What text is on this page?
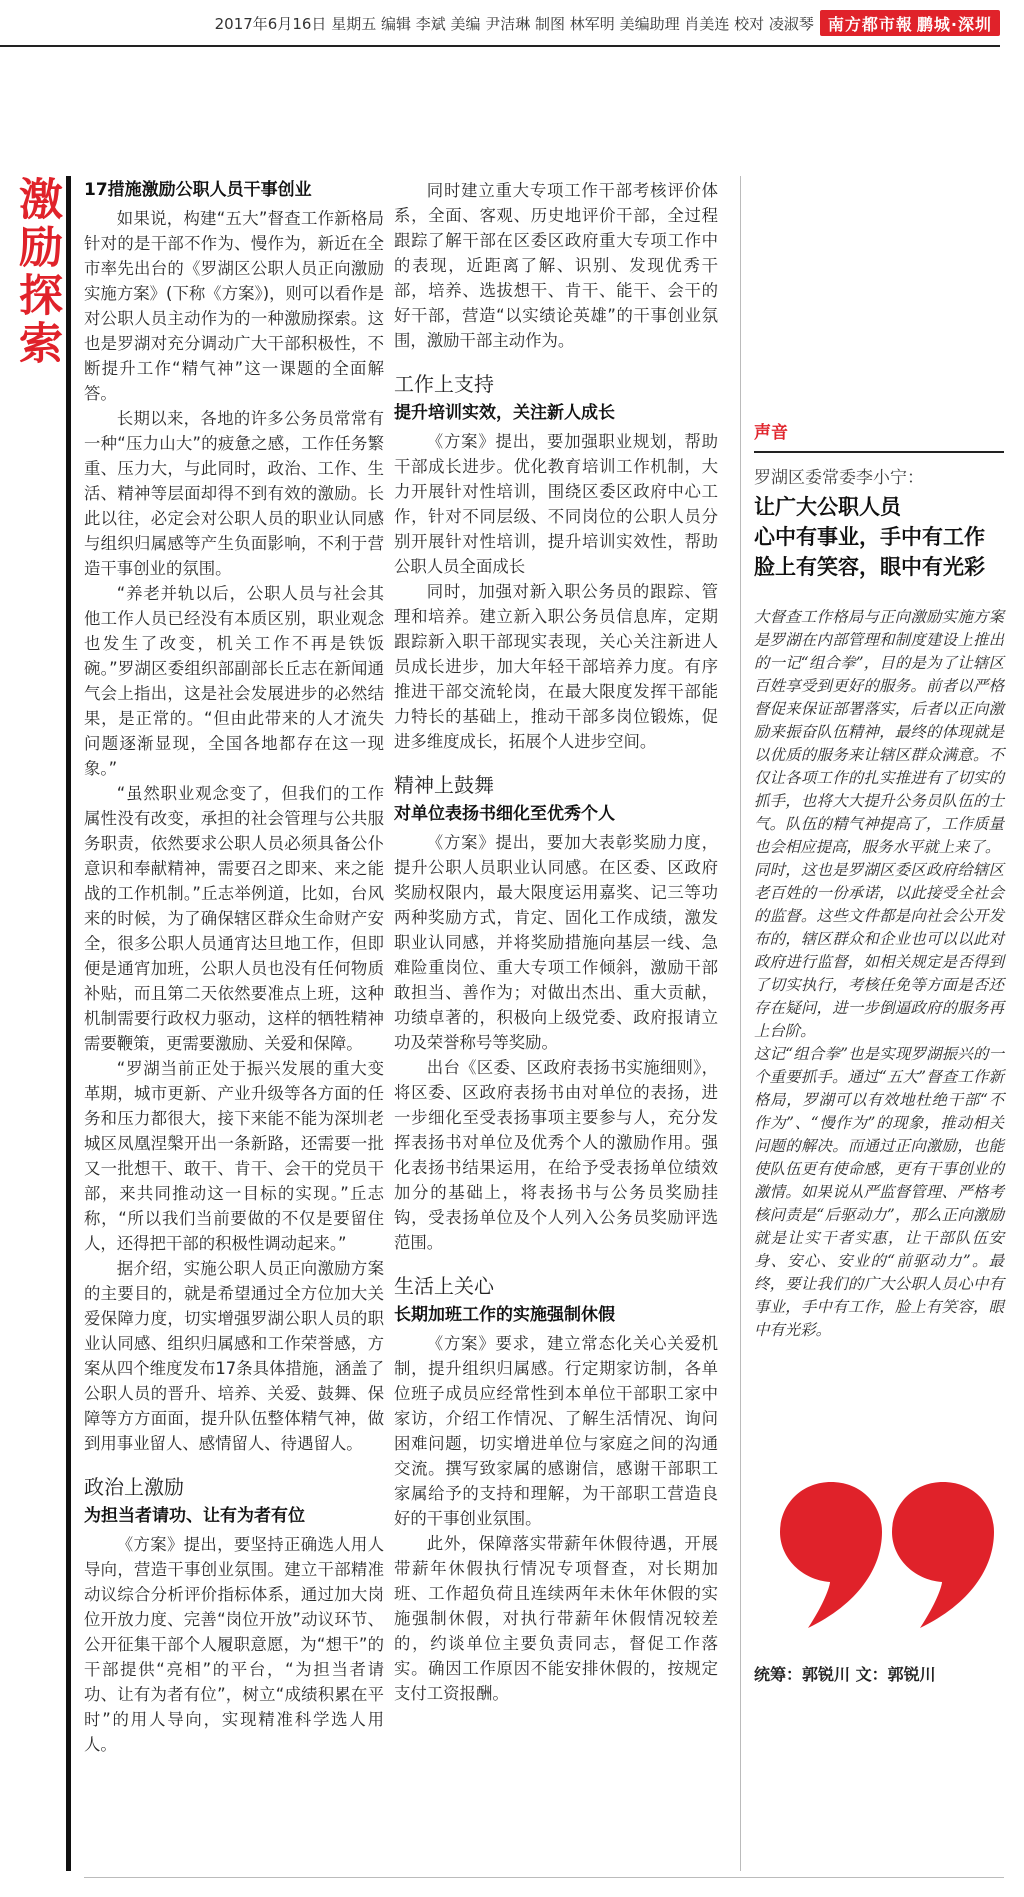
2017年6月16日 星期五 编辑 李斌 美编 尹洁琳 制图 林军明 美编助理 肖美连 校对 凌淑琴 南方都市報 鹏城·深圳
激励探索 17措施激励公职人员干事创业

如果说，构建“五大”督查工作新格局针对的是干部不作为、慢作为，新近在全市率先出台的《罗湖区公职人员正向激励实施方案》(下称《方案》)，则可以看作是对公职人员主动作为的一种激励探索。这也是罗湖对充分调动广大干部积极性，不断提升工作“精气神”这一课题的全面解答。

长期以来，各地的许多公务员常常有一种“压力山大”的疲惫之感，工作任务繁重、压力大，与此同时，政治、工作、生活、精神等层面却得不到有效的激励。长此以往，必定会对公职人员的职业认同感与组织归属感等产生负面影响，不利于营造干事创业的氛围。

“养老并轨以后，公职人员与社会其他工作人员已经没有本质区别，职业观念也发生了改变，机关工作不再是铁饭碗。”罗湖区委组织部副部长丘志在新闻通气会上指出，这是社会发展进步的必然结果，是正常的。“但由此带来的人才流失问题逐渐显现，全国各地都存在这一现象。”

“虽然职业观念变了，但我们的工作属性没有改变，承担的社会管理与公共服务职责，依然要求公职人员必须具备公仆意识和奉献精神，需要召之即来、来之能战的工作机制。”丘志举例道，比如，台风来的时候，为了确保辖区群众生命财产安全，很多公职人员通宵达旦地工作，但即便是通宵加班，公职人员也没有任何物质补贴，而且第二天依然要准点上班，这种机制需要行政权力驱动，这样的牺牲精神需要鞭策，更需要激励、关爱和保障。

“罗湖当前正处于振兴发展的重大变革期，城市更新、产业升级等各方面的任务和压力都很大，接下来能不能为深圳老城区凤凰涅槃开出一条新路，还需要一批又一批想干、敢干、肯干、会干的党员干部，来共同推动这一目标的实现。”丘志称，“所以我们当前要做的不仅是要留住人，还得把干部的积极性调动起来。”

据介绍，实施公职人员正向激励方案的主要目的，就是希望通过全方位加大关爱保障力度，切实增强罗湖公职人员的职业认同感、组织归属感和工作荣誉感，方案从四个维度发布17条具体措施，涵盖了公职人员的晋升、培养、关爱、鼓舞、保障等方方面面，提升队伍整体精气神，做到用事业留人、感情留人、待遇留人。

政治上激励
为担当者请功、让有为者有位

《方案》提出，要坚持正确选人用人导向，营造干事创业氛围。建立干部精准动议综合分析评价指标体系，通过加大岗位开放力度、完善“岗位开放”动议环节、公开征集干部个人履职意愿，为“想干”的干部提供“亮相”的平台，“为担当者请功、让有为者有位”，树立“成绩积累在平时”的用人导向，实现精准科学选人用人。

同时建立重大专项工作干部考核评价体系，全面、客观、历史地评价干部，全过程跟踪了解干部在区委区政府重大专项工作中的表现，近距离了解、识别、发现优秀干部，培养、选拔想干、肯干、能干、会干的好干部，营造“以实绩论英雄”的干事创业氛围，激励干部主动作为。

工作上支持
提升培训实效，关注新人成长

《方案》提出，要加强职业规划，帮助干部成长进步。优化教育培训工作机制，大力开展针对性培训，围绕区委区政府中心工作，针对不同层级、不同岗位的公职人员分别开展针对性培训，提升培训实效性，帮助公职人员全面成长

同时，加强对新入职公务员的跟踪、管理和培养。建立新入职公务员信息库，定期跟踪新入职干部现实表现，关心关注新进人员成长进步，加大年轻干部培养力度。有序推进干部交流轮岗，在最大限度发挥干部能力特长的基础上，推动干部多岗位锻炼，促进多维度成长，拓展个人进步空间。

精神上鼓舞
对单位表扬书细化至优秀个人

《方案》提出，要加大表彰奖励力度，提升公职人员职业认同感。在区委、区政府奖励权限内，最大限度运用嘉奖、记三等功两种奖励方式，肯定、固化工作成绩，激发职业认同感，并将奖励措施向基层一线、急难险重岗位、重大专项工作倾斜，激励干部敢担当、善作为；对做出杰出、重大贡献，功绩卓著的，积极向上级党委、政府报请立功及荣誉称号等奖励。

出台《区委、区政府表扬书实施细则》，将区委、区政府表扬书由对单位的表扬，进一步细化至受表扬事项主要参与人，充分发挥表扬书对单位及优秀个人的激励作用。强化表扬书结果运用，在给予受表扬单位绩效加分的基础上，将表扬书与公务员奖励挂钩，受表扬单位及个人列入公务员奖励评选范围。

生活上关心
长期加班工作的实施强制休假

《方案》要求，建立常态化关心关爱机制，提升组织归属感。行定期家访制，各单位班子成员应经常性到本单位干部职工家中家访，介绍工作情况、了解生活情况、询问困难问题，切实增进单位与家庭之间的沟通交流。撰写致家属的感谢信，感谢干部职工家属给予的支持和理解，为干部职工营造良好的干事创业氛围。

此外，保障落实带薪年休假待遇，开展带薪年休假执行情况专项督查，对长期加班、工作超负荷且连续两年未休年休假的实施强制休假，对执行带薪年休假情况较差的，约谈单位主要负责同志，督促工作落实。确因工作原因不能安排休假的，按规定支付工资报酬。

声音
罗湖区委常委李小宁：
让广大公职人员
心中有事业，手中有工作
脸上有笑容，眼中有光彩

大督查工作格局与正向激励实施方案是罗湖在内部管理和制度建设上推出的一记“组合拳”，目的是为了让辖区百姓享受到更好的服务。前者以严格督促来保证部署落实，后者以正向激励来振奋队伍精神，最终的体现就是以优质的服务来让辖区群众满意。不仅让各项工作的扎实推进有了切实的抓手，也将大大提升公务员队伍的士气。队伍的精气神提高了，工作质量也会相应提高，服务水平就上来了。

同时，这也是罗湖区委区政府给辖区老百姓的一份承诺，以此接受全社会的监督。这些文件都是向社会公开发布的，辖区群众和企业也可以以此对政府进行监督，如相关规定是否得到了切实执行，考核任免等方面是否还存在疑问，进一步倒逼政府的服务再上台阶。

这记“组合拳”也是实现罗湖振兴的一个重要抓手。通过“五大”督查工作新格局，罗湖可以有效地杜绝干部“不作为”、“慢作为”的现象，推动相关问题的解决。而通过正向激励，也能使队伍更有使命感，更有干事创业的激情。如果说从严监督管理、严格考核问责是“后驱动力”，那么正向激励就是让实干者实惠，让干部队伍安身、安心、安业的“前驱动力”。最终，要让我们的广大公职人员心中有事业，手中有工作，脸上有笑容，眼中有光彩。

统筹：郭锐川 文：郭锐川
